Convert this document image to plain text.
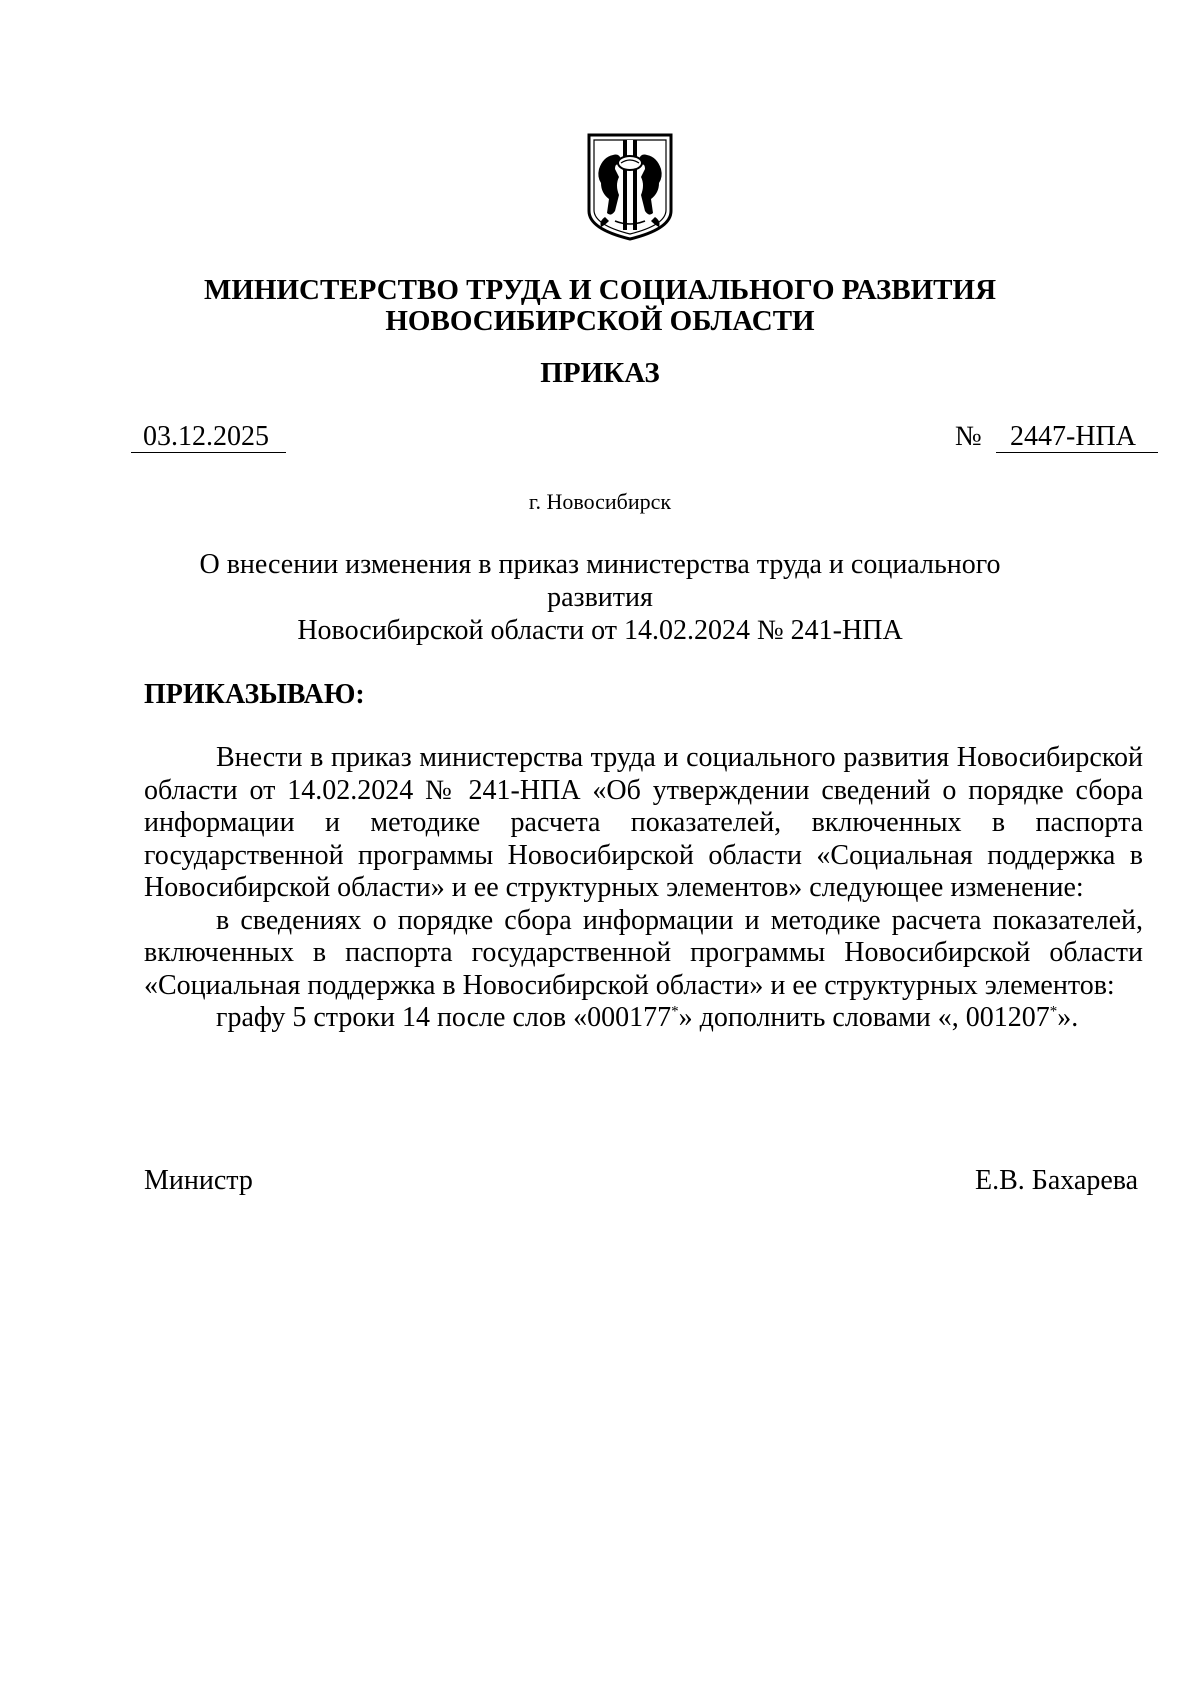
МИНИСТЕРСТВО ТРУДА И СОЦИАЛЬНОГО РАЗВИТИЯ
НОВОСИБИРСКОЙ ОБЛАСТИ
ПРИКАЗ
03.12.2025	№	2447-НПА
г. Новосибирск
О внесении изменения в приказ министерства труда и социального развития
Новосибирской области от 14.02.2024 № 241-НПА
ПРИКАЗЫВАЮ:

Внести в приказ министерства труда и социального развития Новосибирской области от 14.02.2024 № 241-НПА «Об утверждении сведений о порядке сбора информации и методике расчета показателей, включенных в паспорта государственной программы Новосибирской области «Социальная поддержка в Новосибирской области» и ее структурных элементов» следующее изменение:

в сведениях о порядке сбора информации и методике расчета показателей, включенных в паспорта государственной программы Новосибирской области «Социальная поддержка в Новосибирской области» и ее структурных элементов:

графу 5 строки 14 после слов «000177*» дополнить словами «, 001207*».

Министр	Е.В. Бахарева
